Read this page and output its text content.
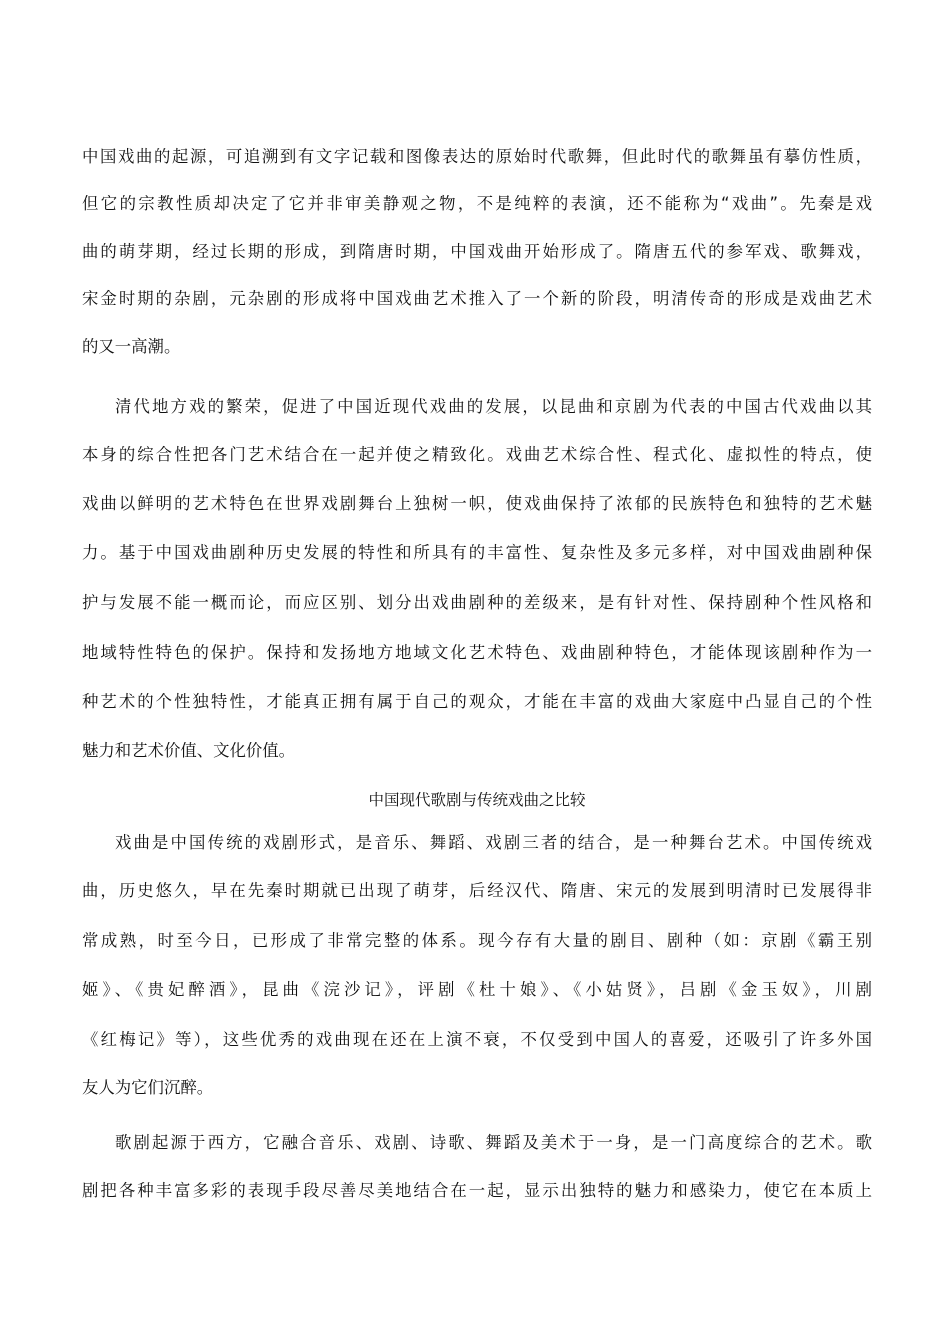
中国戏曲的起源，可追溯到有文字记载和图像表达的原始时代歌舞，但此时代的歌舞虽有摹仿性质，
但它的宗教性质却决定了它并非审美静观之物，不是纯粹的表演，还不能称为“戏曲”。先秦是戏
曲的萌芽期，经过长期的形成，到隋唐时期，中国戏曲开始形成了。隋唐五代的参军戏、歌舞戏，
宋金时期的杂剧，元杂剧的形成将中国戏曲艺术推入了一个新的阶段，明清传奇的形成是戏曲艺术
的又一高潮。
清代地方戏的繁荣，促进了中国近现代戏曲的发展，以昆曲和京剧为代表的中国古代戏曲以其
本身的综合性把各门艺术结合在一起并使之精致化。戏曲艺术综合性、程式化、虚拟性的特点，使
戏曲以鲜明的艺术特色在世界戏剧舞台上独树一帜，使戏曲保持了浓郁的民族特色和独特的艺术魅
力。基于中国戏曲剧种历史发展的特性和所具有的丰富性、复杂性及多元多样，对中国戏曲剧种保
护与发展不能一概而论，而应区别、划分出戏曲剧种的差级来，是有针对性、保持剧种个性风格和
地域特性特色的保护。保持和发扬地方地域文化艺术特色、戏曲剧种特色，才能体现该剧种作为一
种艺术的个性独特性，才能真正拥有属于自己的观众，才能在丰富的戏曲大家庭中凸显自己的个性
魅力和艺术价值、文化价值。
中国现代歌剧与传统戏曲之比较
戏曲是中国传统的戏剧形式，是音乐、舞蹈、戏剧三者的结合，是一种舞台艺术。中国传统戏
曲，历史悠久，早在先秦时期就已出现了萌芽，后经汉代、隋唐、宋元的发展到明清时已发展得非
常成熟，时至今日，已形成了非常完整的体系。现今存有大量的剧目、剧种（如：京剧《霸王别
姬》、《贵妃醉酒》，昆曲《浣沙记》，评剧《杜十娘》、《小姑贤》，吕剧《金玉奴》，川剧
《红梅记》等），这些优秀的戏曲现在还在上演不衰，不仅受到中国人的喜爱，还吸引了许多外国
友人为它们沉醉。
歌剧起源于西方，它融合音乐、戏剧、诗歌、舞蹈及美术于一身，是一门高度综合的艺术。歌
剧把各种丰富多彩的表现手段尽善尽美地结合在一起，显示出独特的魅力和感染力，使它在本质上
